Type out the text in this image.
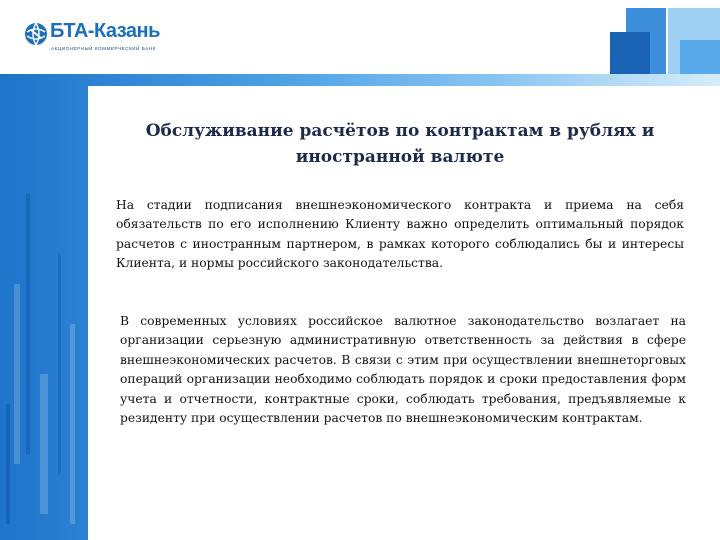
БТА-Казань
АКЦИОНЕРНЫЙ КОММЕРЧЕСКИЙ БАНК
Обслуживание расчётов по контрактам в рублях и иностранной валюте
На стадии подписания внешнеэкономического контракта и приема на себя обязательств по его исполнению Клиенту важно определить оптимальный порядок расчетов с иностранным партнером, в рамках которого соблюдались бы и интересы Клиента, и нормы российского законодательства.
В современных условиях российское валютное законодательство возлагает на организации серьезную административную ответственность за действия в сфере внешнеэкономических расчетов. В связи с этим при осуществлении внешнеторговых операций организации необходимо соблюдать порядок и сроки предоставления форм учета и отчетности, контрактные сроки, соблюдать требования, предъявляемые к резиденту при осуществлении расчетов по внешнеэкономическим контрактам.
